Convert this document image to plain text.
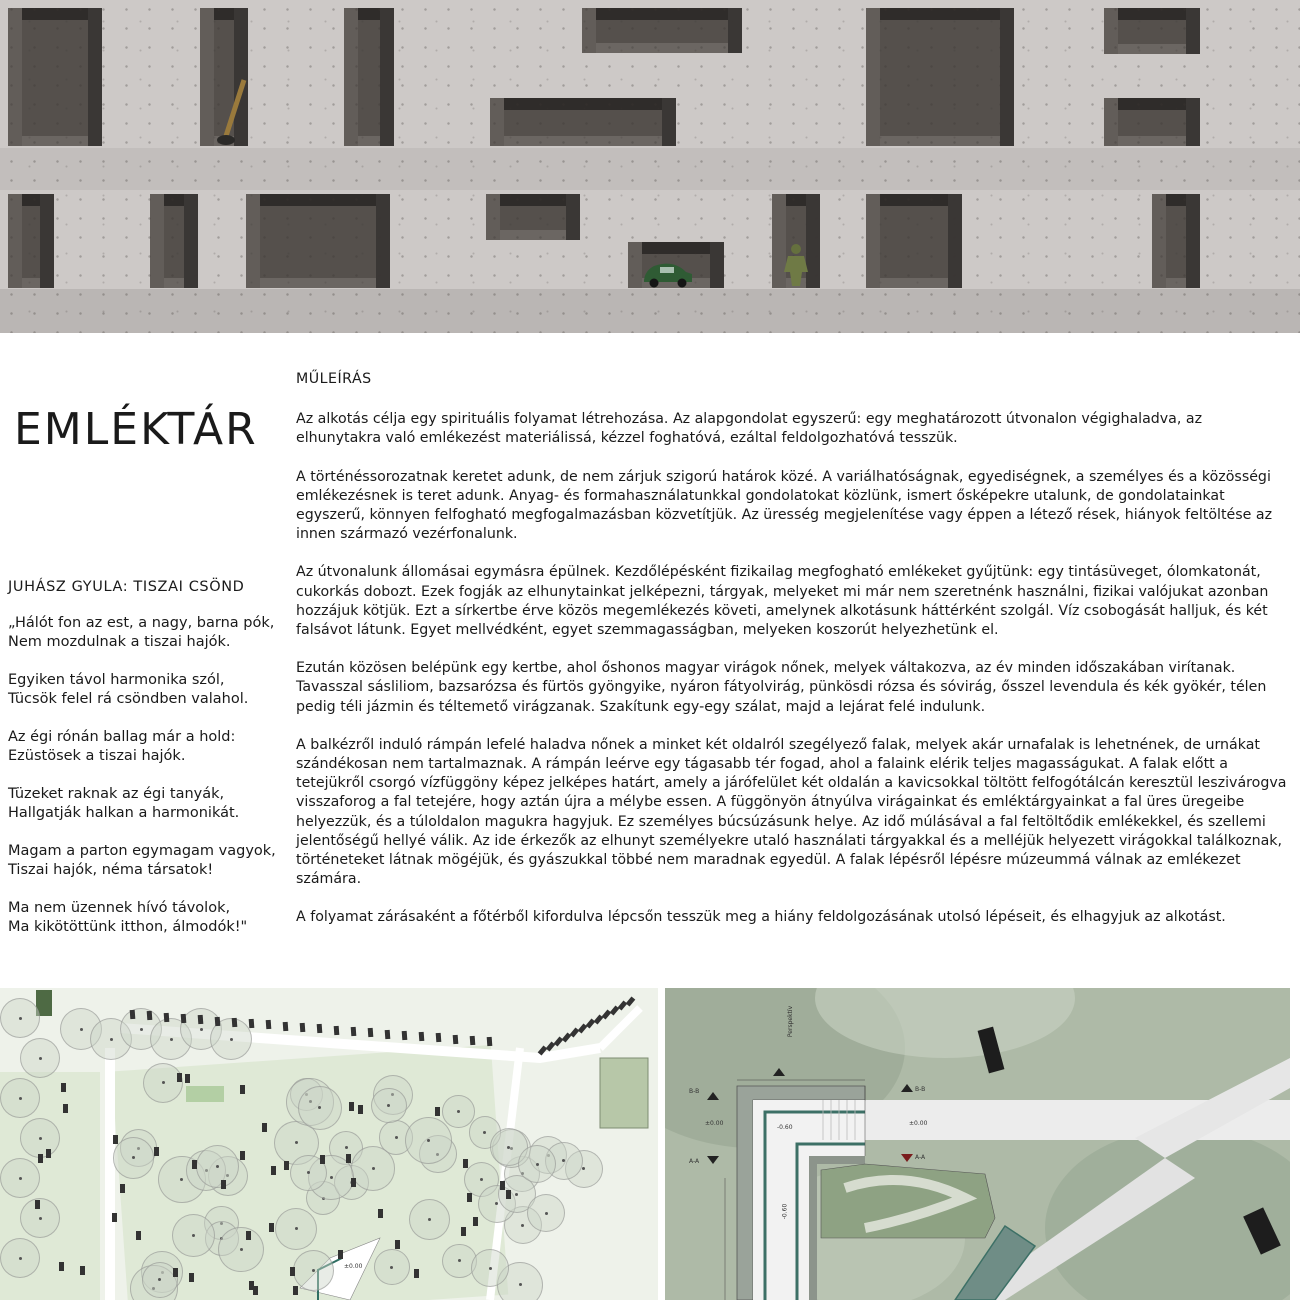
EMLÉKTÁR
JUHÁSZ GYULA: TISZAI CSÖND
„Hálót fon az est, a nagy, barna pók,
Nem mozdulnak a tiszai hajók.
Egyiken távol harmonika szól,
Tücsök felel rá csöndben valahol.
Az égi rónán ballag már a hold:
Ezüstösek a tiszai hajók.
Tüzeket raknak az égi tanyák,
Hallgatják halkan a harmonikát.
Magam a parton egymagam vagyok,
Tiszai hajók, néma társatok!
Ma nem üzennek hívó távolok,
Ma kikötöttünk itthon, álmodók!"
MŰLEÍRÁS

Az alkotás célja egy spirituális folyamat létrehozása. Az alapgondolat egyszerű: egy meghatározott útvonalon végighaladva, az elhunytakra való emlékezést materiálissá, kézzel foghatóvá, ezáltal feldolgozhatóvá tesszük.

A történéssorozatnak keretet adunk, de nem zárjuk szigorú határok közé. A variálhatóságnak, egyediségnek, a személyes és a közösségi emlékezésnek is teret adunk. Anyag- és formahasználatunkkal gondolatokat közlünk, ismert ősképekre utalunk, de gondolatainkat egyszerű, könnyen felfogható megfogalmazásban közvetítjük. Az üresség megjelenítése vagy éppen a létező rések, hiányok feltöltése az innen származó vezérfonalunk.

Az útvonalunk állomásai egymásra épülnek. Kezdőlépésként fizikailag megfogható emlékeket gyűjtünk: egy tintásüveget, ólomkatonát, cukorkás dobozt. Ezek fogják az elhunytainkat jelképezni, tárgyak, melyeket mi már nem szeretnénk használni, fizikai valójukat azonban hozzájuk kötjük. Ezt a sírkertbe érve közös megemlékezés követi, amelynek alkotásunk háttérként szolgál. Víz csobogását halljuk, és két falsávot látunk. Egyet mellvédként, egyet szemmagasságban, melyeken koszorút helyezhetünk el.

Ezután közösen belépünk egy kertbe, ahol őshonos magyar virágok nőnek, melyek váltakozva, az év minden időszakában virítanak. Tavasszal sásliliom, bazsarózsa és fürtös gyöngyike, nyáron fátyolvirág, pünkösdi rózsa és sóvirág, ősszel levendula és kék gyökér, télen pedig téli jázmin és téltemető virágzanak. Szakítunk egy-egy szálat, majd a lejárat felé indulunk.

A balkézről induló rámpán lefelé haladva nőnek a minket két oldalról szegélyező falak, melyek akár urnafalak is lehetnének, de urnákat szándékosan nem tartalmaznak. A rámpán leérve egy tágasabb tér fogad, ahol a falaink elérik teljes magasságukat. A falak előtt a tetejükről csorgó vízfüggöny képez jelképes határt, amely a járófelület két oldalán a kavicsokkal töltött felfogótálcán keresztül leszivárogva visszaforog a fal tetejére, hogy aztán újra a mélybe essen. A függönyön átnyúlva virágainkat és emléktárgyainkat a fal üres üregeibe helyezzük, és a túloldalon magukra hagyjuk. Ez személyes búcsúzásunk helye. Az idő múlásával a fal feltöltődik emlékekkel, és szellemi jelentőségű hellyé válik. Az ide érkezők az elhunyt személyekre utaló használati tárgyakkal és a melléjük helyezett virágokkal találkoznak, történeteket látnak mögéjük, és gyászukkal többé nem maradnak egyedül. A falak lépésről lépésre múzeummá válnak az emlékezet számára.

A folyamat zárásaként a főtérből kifordulva lépcsőn tesszük meg a hiány feldolgozásának utolsó lépéseit, és elhagyjuk az alkotást.

±0.00
Perspektív
B-B	B-B
A-A
A-A
±0.00	±0.00
-0.60
-0.60
